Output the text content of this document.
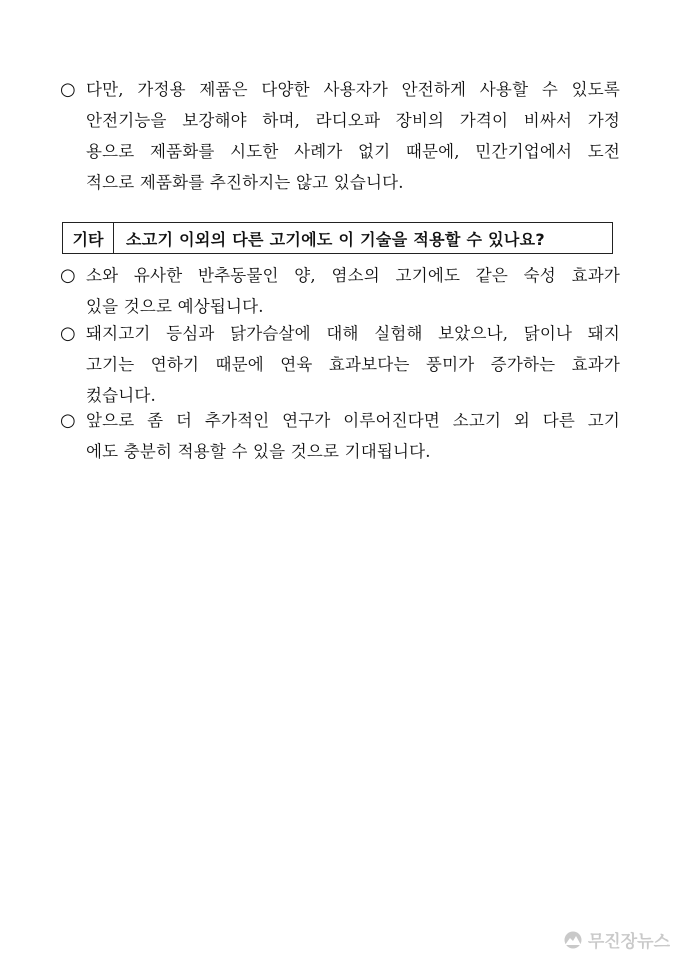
○ 다만, 가정용 제품은 다양한 사용자가 안전하게 사용할 수 있도록
안전기능을 보강해야 하며, 라디오파 장비의 가격이 비싸서 가정
용으로 제품화를 시도한 사례가 없기 때문에, 민간기업에서 도전
적으로 제품화를 추진하지는 않고 있습니다.
기타	소고기 이외의 다른 고기에도 이 기술을 적용할 수 있나요?
○ 소와 유사한 반추동물인 양, 염소의 고기에도 같은 숙성 효과가
있을 것으로 예상됩니다.
○ 돼지고기 등심과 닭가슴살에 대해 실험해 보았으나, 닭이나 돼지
고기는 연하기 때문에 연육 효과보다는 풍미가 증가하는 효과가
컸습니다.
○ 앞으로 좀 더 추가적인 연구가 이루어진다면 소고기 외 다른 고기
에도 충분히 적용할 수 있을 것으로 기대됩니다.
무진장뉴스
